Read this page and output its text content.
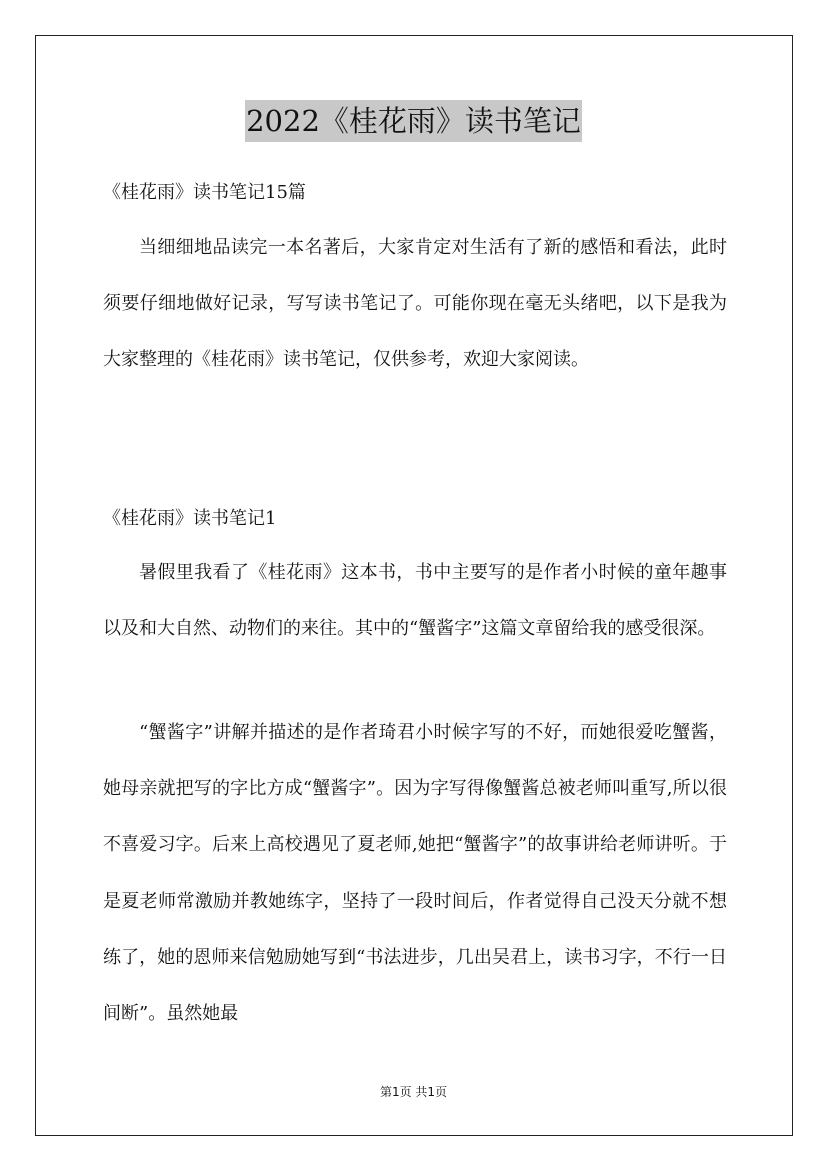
2022《桂花雨》读书笔记
《桂花雨》读书笔记15篇

当细细地品读完一本名著后，大家肯定对生活有了新的感悟和看法，此时须要仔细地做好记录，写写读书笔记了。可能你现在毫无头绪吧，以下是我为大家整理的《桂花雨》读书笔记，仅供参考，欢迎大家阅读。

《桂花雨》读书笔记1

暑假里我看了《桂花雨》这本书，书中主要写的是作者小时候的童年趣事以及和大自然、动物们的来往。其中的“蟹酱字”这篇文章留给我的感受很深。

“蟹酱字”讲解并描述的是作者琦君小时候字写的不好，而她很爱吃蟹酱，她母亲就把写的字比方成“蟹酱字”。因为字写得像蟹酱总被老师叫重写,所以很不喜爱习字。后来上高校遇见了夏老师,她把“蟹酱字”的故事讲给老师讲听。于是夏老师常激励并教她练字，坚持了一段时间后，作者觉得自己没天分就不想练了，她的恩师来信勉励她写到“书法进步，几出吴君上，读书习字，不行一日间断”。虽然她最

第1页 共1页
